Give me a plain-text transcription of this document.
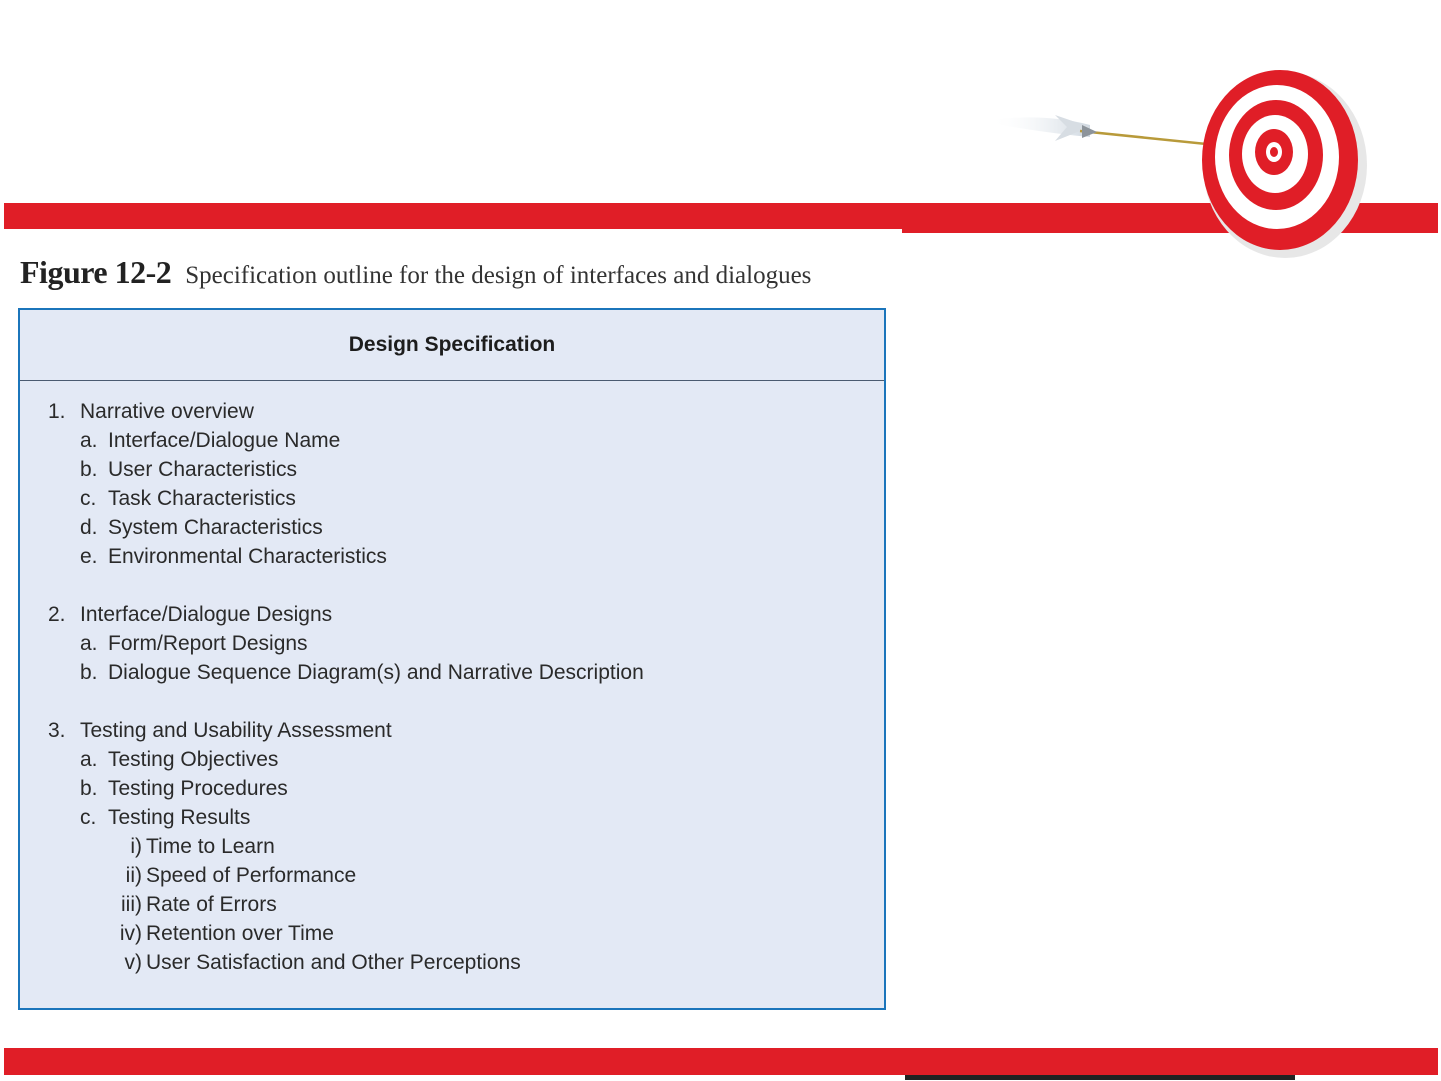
Figure 12-2 Specification outline for the design of interfaces and dialogues
Design Specification
1. Narrative overview
a. Interface/Dialogue Name
b. User Characteristics
c. Task Characteristics
d. System Characteristics
e. Environmental Characteristics
2. Interface/Dialogue Designs
a. Form/Report Designs
b. Dialogue Sequence Diagram(s) and Narrative Description
3. Testing and Usability Assessment
a. Testing Objectives
b. Testing Procedures
c. Testing Results
i) Time to Learn
ii) Speed of Performance
iii) Rate of Errors
iv) Retention over Time
v) User Satisfaction and Other Perceptions
